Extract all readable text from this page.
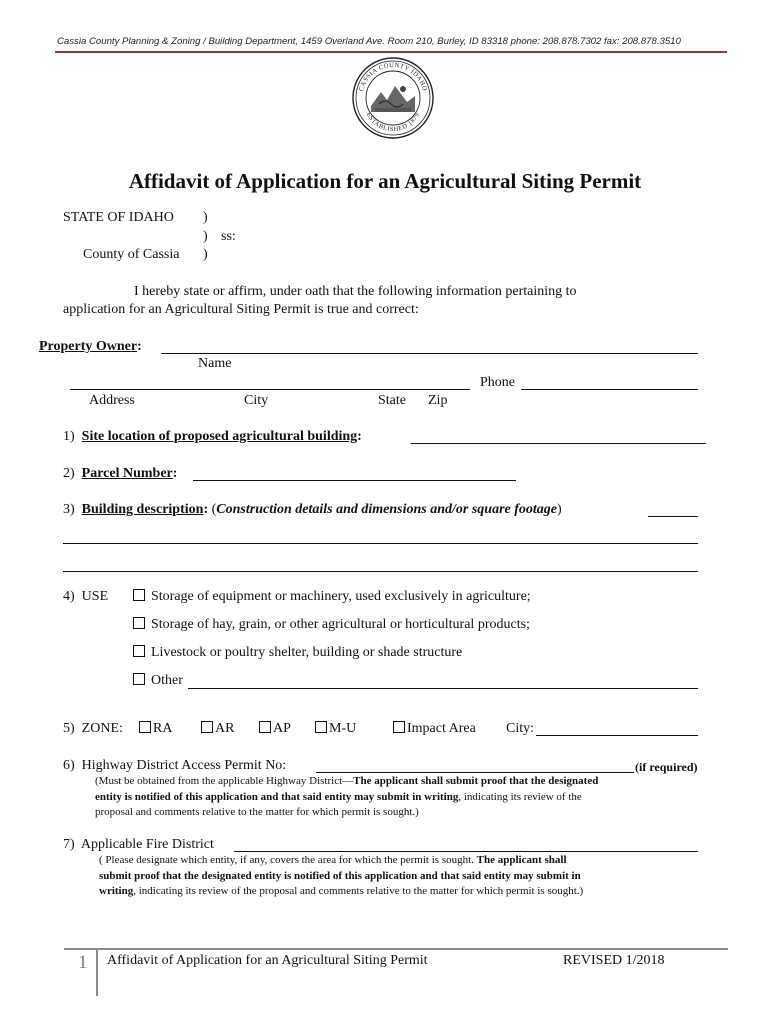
Cassia County Planning & Zoning / Building Department, 1459 Overland Ave. Room 210, Burley, ID 83318 phone: 208.878.7302 fax: 208.878.3510
CASSIA COUNTY IDAHO
ESTABLISHED 1879
Affidavit of Application for an Agricultural Siting Permit
STATE OF IDAHO )
) ss:
County of Cassia )
I hereby state or affirm, under oath that the following information pertaining to
application for an Agricultural Siting Permit is true and correct:
Property Owner:
Name
Phone
Address	City	State Zip
1) Site location of proposed agricultural building:
2) Parcel Number:
3) Building description: (Construction details and dimensions and/or square footage)
4) USE	Storage of equipment or machinery, used exclusively in agriculture;
Storage of hay, grain, or other agricultural or horticultural products;
Livestock or poultry shelter, building or shade structure
Other
5) ZONE:	RA	AR	AP	M-U	Impact Area City:
6) Highway District Access Permit No:	(if required)
(Must be obtained from the applicable Highway District—The applicant shall submit proof that the designated
entity is notified of this application and that said entity may submit in writing, indicating its review of the
proposal and comments relative to the matter for which permit is sought.)
7) Applicable Fire District
( Please designate which entity, if any, covers the area for which the permit is sought. The applicant shall
submit proof that the designated entity is notified of this application and that said entity may submit in
writing, indicating its review of the proposal and comments relative to the matter for which permit is sought.)
1 Affidavit of Application for an Agricultural Siting Permit	REVISED 1/2018
